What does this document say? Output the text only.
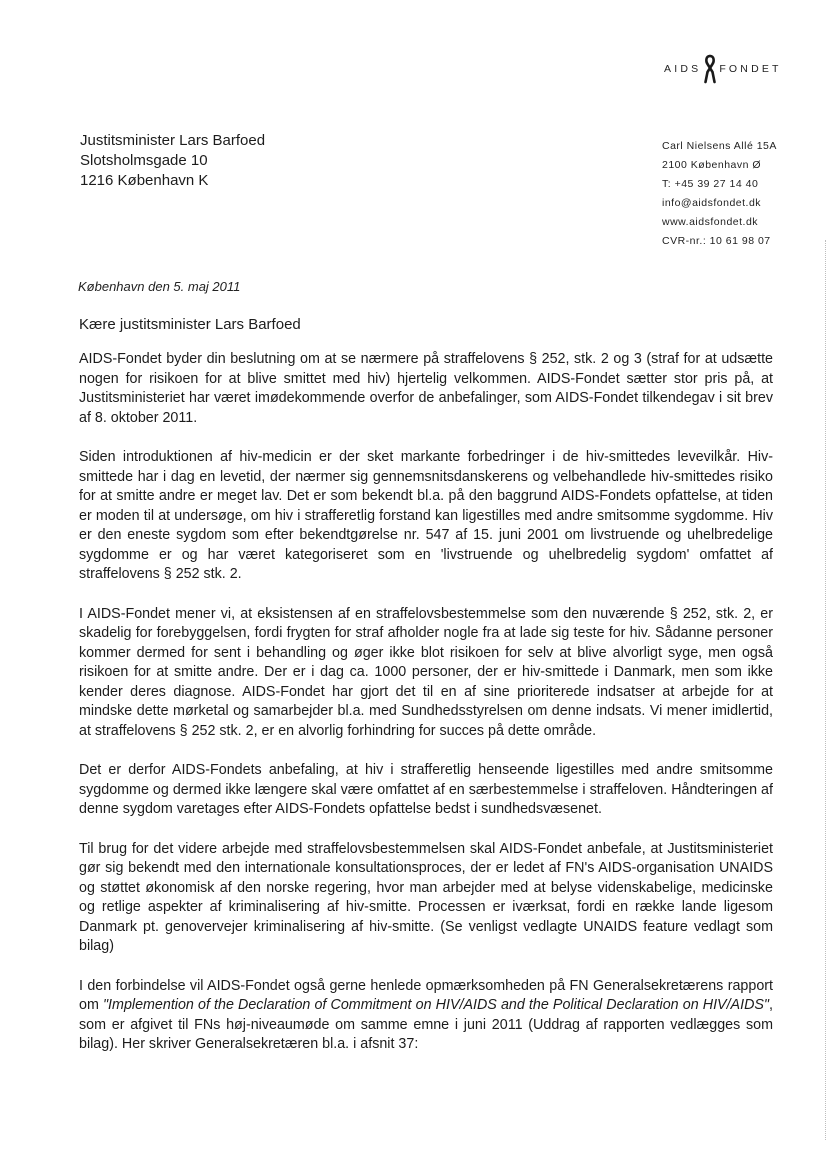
AIDS FONDET
Justitsminister Lars Barfoed
Slotsholmsgade 10
1216 København K
Carl Nielsens Allé 15A
2100 København Ø
T: +45 39 27 14 40
info@aidsfondet.dk
www.aidsfondet.dk
CVR-nr.: 10 61 98 07
København den 5. maj 2011
Kære justitsminister Lars Barfoed

AIDS-Fondet byder din beslutning om at se nærmere på straffelovens § 252, stk. 2 og 3 (straf for at udsætte nogen for risikoen for at blive smittet med hiv) hjertelig velkommen. AIDS-Fondet sætter stor pris på, at Justitsministeriet har været imødekommende overfor de anbefalinger, som AIDS-Fondet tilkendegav i sit brev af 8. oktober 2011.

Siden introduktionen af hiv-medicin er der sket markante forbedringer i de hiv-smittedes levevilkår. Hiv-smittede har i dag en levetid, der nærmer sig gennemsnitsdanskerens og velbehandlede hiv-smittedes risiko for at smitte andre er meget lav. Det er som bekendt bl.a. på den baggrund AIDS-Fondets opfattelse, at tiden er moden til at undersøge, om hiv i strafferetlig forstand kan ligestilles med andre smitsomme sygdomme. Hiv er den eneste sygdom som efter bekendtgørelse nr. 547 af 15. juni 2001 om livstruende og uhelbredelige sygdomme er og har været kategoriseret som en 'livstruende og uhelbredelig sygdom' omfattet af straffelovens § 252 stk. 2.

I AIDS-Fondet mener vi, at eksistensen af en straffelovsbestemmelse som den nuværende § 252, stk. 2, er skadelig for forebyggelsen, fordi frygten for straf afholder nogle fra at lade sig teste for hiv. Sådanne personer kommer dermed for sent i behandling og øger ikke blot risikoen for selv at blive alvorligt syge, men også risikoen for at smitte andre. Der er i dag ca. 1000 personer, der er hiv-smittede i Danmark, men som ikke kender deres diagnose. AIDS-Fondet har gjort det til en af sine prioriterede indsatser at arbejde for at mindske dette mørketal og samarbejder bl.a. med Sundhedsstyrelsen om denne indsats. Vi mener imidlertid, at straffelovens § 252 stk. 2, er en alvorlig forhindring for succes på dette område.

Det er derfor AIDS-Fondets anbefaling, at hiv i strafferetlig henseende ligestilles med andre smitsomme sygdomme og dermed ikke længere skal være omfattet af en særbestemmelse i straffeloven. Håndteringen af denne sygdom varetages efter AIDS-Fondets opfattelse bedst i sundhedsvæsenet.

Til brug for det videre arbejde med straffelovsbestemmelsen skal AIDS-Fondet anbefale, at Justitsministeriet gør sig bekendt med den internationale konsultationsproces, der er ledet af FN's AIDS-organisation UNAIDS og støttet økonomisk af den norske regering, hvor man arbejder med at belyse videnskabelige, medicinske og retlige aspekter af kriminalisering af hiv-smitte. Processen er iværksat, fordi en række lande ligesom Danmark pt. genovervejer kriminalisering af hiv-smitte. (Se venligst vedlagte UNAIDS feature vedlagt som bilag)

I den forbindelse vil AIDS-Fondet også gerne henlede opmærksomheden på FN Generalsekretærens rapport om "Implemention of the Declaration of Commitment on HIV/AIDS and the Political Declaration on HIV/AIDS", som er afgivet til FNs høj-niveaumøde om samme emne i juni 2011 (Uddrag af rapporten vedlægges som bilag). Her skriver Generalsekretæren bl.a. i afsnit 37:
